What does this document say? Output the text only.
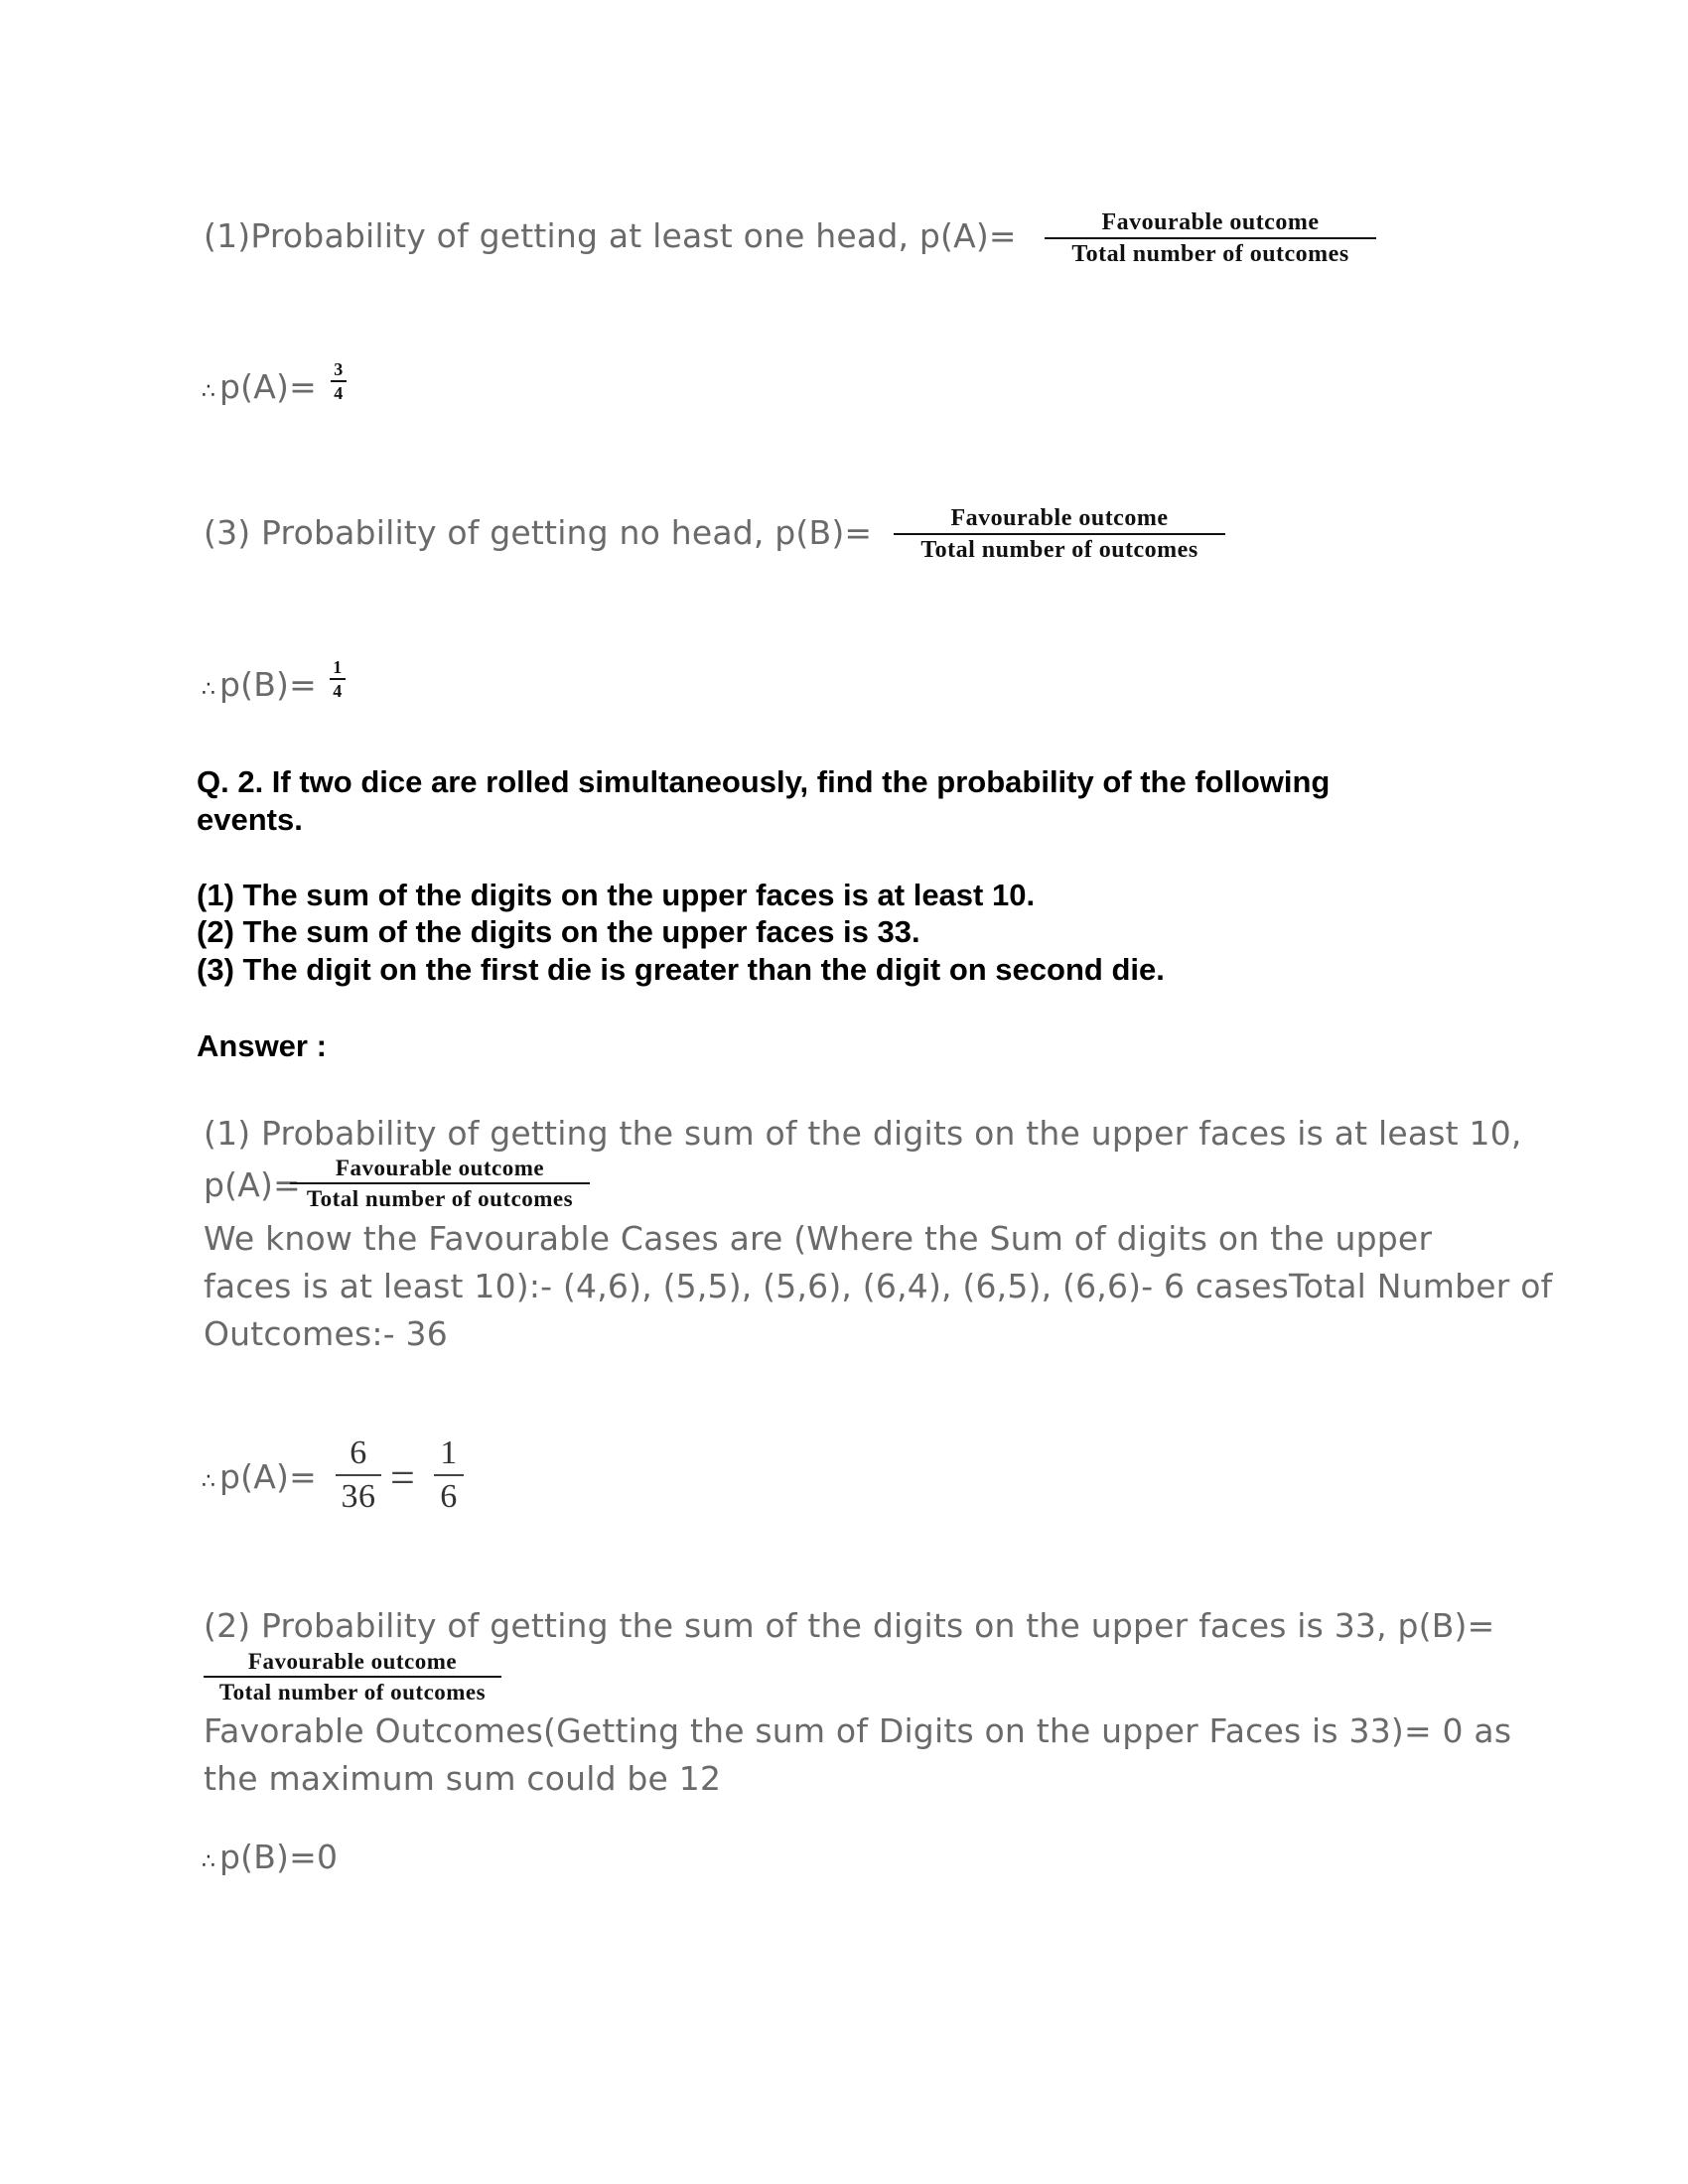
(1)Probability of getting at least one head, p(A)=	Favourable outcome
Total number of outcomes
∴ p(A)= 3
4
(3) Probability of getting no head, p(B)=	Favourable outcome
Total number of outcomes
∴ p(B)= 1
4
Q. 2. If two dice are rolled simultaneously, find the probability of the following
events.
(1) The sum of the digits on the upper faces is at least 10.
(2) The sum of the digits on the upper faces is 33.
(3) The digit on the first die is greater than the digit on second die.
Answer :
(1) Probability of getting the sum of the digits on the upper faces is at least 10,
p(A)=	Favourable outcome
Total number of outcomes
We know the Favourable Cases are (Where the Sum of digits on the upper
faces is at least 10):- (4,6), (5,5), (5,6), (6,4), (6,5), (6,6)- 6 casesTotal Number of
Outcomes:- 36
∴ p(A)=
6
36 =
1
6
(2) Probability of getting the sum of the digits on the upper faces is 33, p(B)=
Favourable outcome
Total number of outcomes
Favorable Outcomes(Getting the sum of Digits on the upper Faces is 33)= 0 as
the maximum sum could be 12
∴ p(B)=0
